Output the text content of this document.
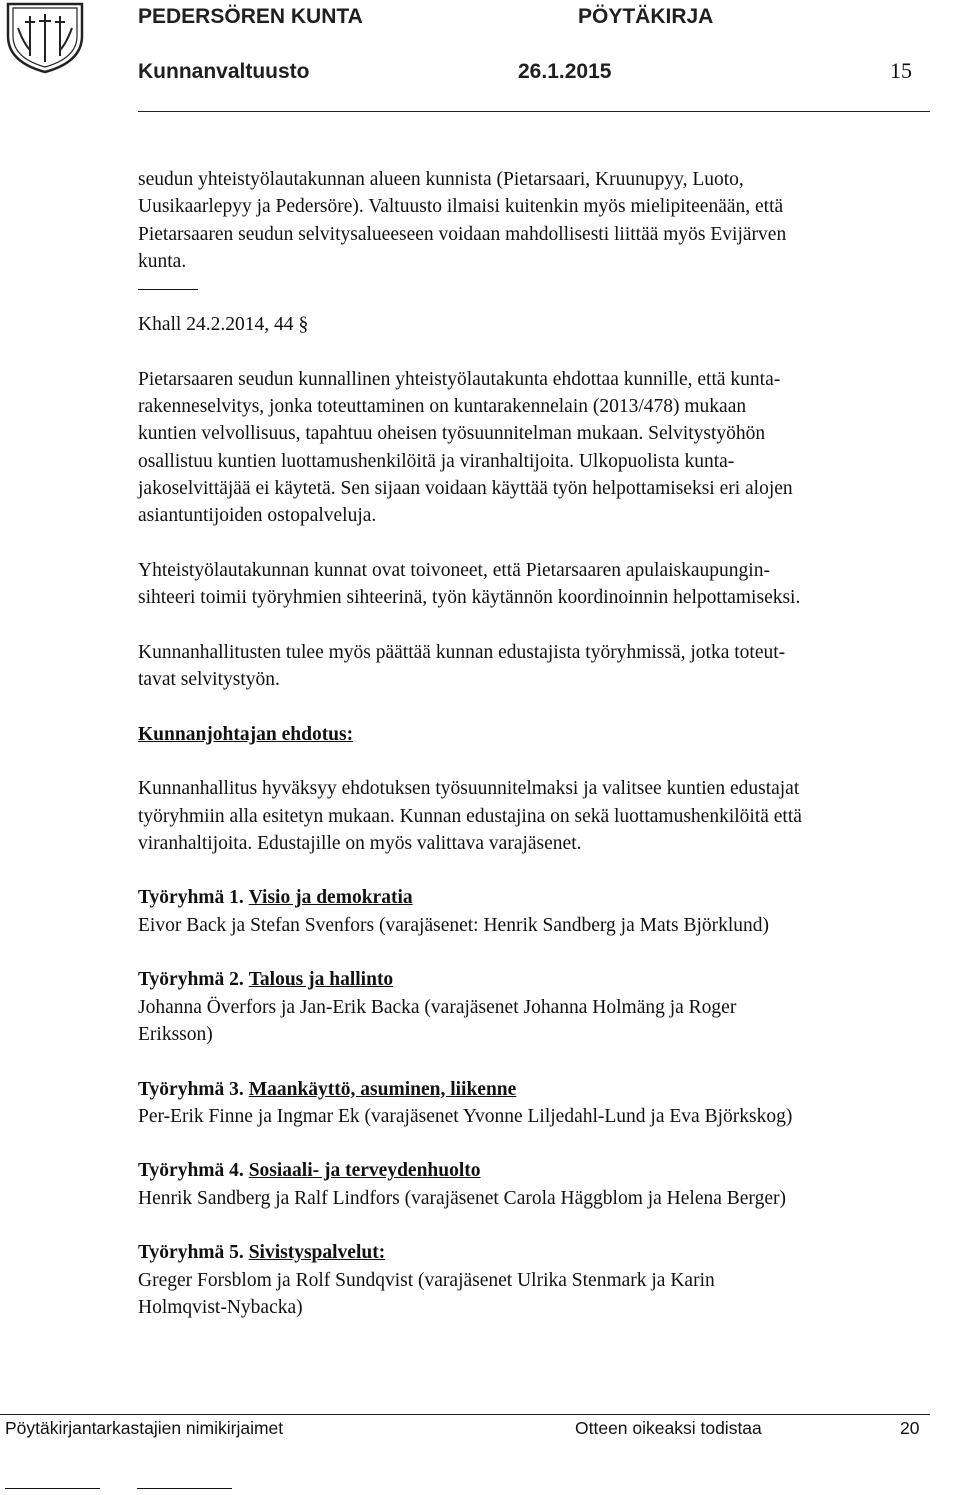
PEDERSÖREN KUNTA	PÖYTÄKIRJA
Kunnanvaltuusto	26.1.2015	15

seudun yhteistyölautakunnan alueen kunnista (Pietarsaari, Kruunupyy, Luoto,
Uusikaarlepyy ja Pedersöre). Valtuusto ilmaisi kuitenkin myös mielipiteenään, että
Pietarsaaren seudun selvitysalueeseen voidaan mahdollisesti liittää myös Evijärven
kunta.

Khall 24.2.2014, 44 §

Pietarsaaren seudun kunnallinen yhteistyölautakunta ehdottaa kunnille, että kunta-
rakenneselvitys, jonka toteuttaminen on kuntarakennelain (2013/478) mukaan
kuntien velvollisuus, tapahtuu oheisen työsuunnitelman mukaan. Selvitystyöhön
osallistuu kuntien luottamushenkilöitä ja viranhaltijoita. Ulkopuolista kunta-
jakoselvittäjää ei käytetä. Sen sijaan voidaan käyttää työn helpottamiseksi eri alojen
asiantuntijoiden ostopalveluja.

Yhteistyölautakunnan kunnat ovat toivoneet, että Pietarsaaren apulaiskaupungin-
sihteeri toimii työryhmien sihteerinä, työn käytännön koordinoinnin helpottamiseksi.

Kunnanhallitusten tulee myös päättää kunnan edustajista työryhmissä, jotka toteut-
tavat selvitystyön.

Kunnanjohtajan ehdotus:

Kunnanhallitus hyväksyy ehdotuksen työsuunnitelmaksi ja valitsee kuntien edustajat
työryhmiin alla esitetyn mukaan. Kunnan edustajina on sekä luottamushenkilöitä että
viranhaltijoita. Edustajille on myös valittava varajäsenet.

Työryhmä 1. Visio ja demokratia
Eivor Back ja Stefan Svenfors (varajäsenet: Henrik Sandberg ja Mats Björklund)

Työryhmä 2. Talous ja hallinto
Johanna Överfors ja Jan-Erik Backa (varajäsenet Johanna Holmäng ja Roger
Eriksson)

Työryhmä 3. Maankäyttö, asuminen, liikenne
Per-Erik Finne ja Ingmar Ek (varajäsenet Yvonne Liljedahl-Lund ja Eva Björkskog)

Työryhmä 4. Sosiaali- ja terveydenhuolto
Henrik Sandberg ja Ralf Lindfors (varajäsenet Carola Häggblom ja Helena Berger)

Työryhmä 5. Sivistyspalvelut:
Greger Forsblom ja Rolf Sundqvist (varajäsenet Ulrika Stenmark ja Karin
Holmqvist-Nybacka)

Pöytäkirjantarkastajien nimikirjaimet	Otteen oikeaksi todistaa	20
